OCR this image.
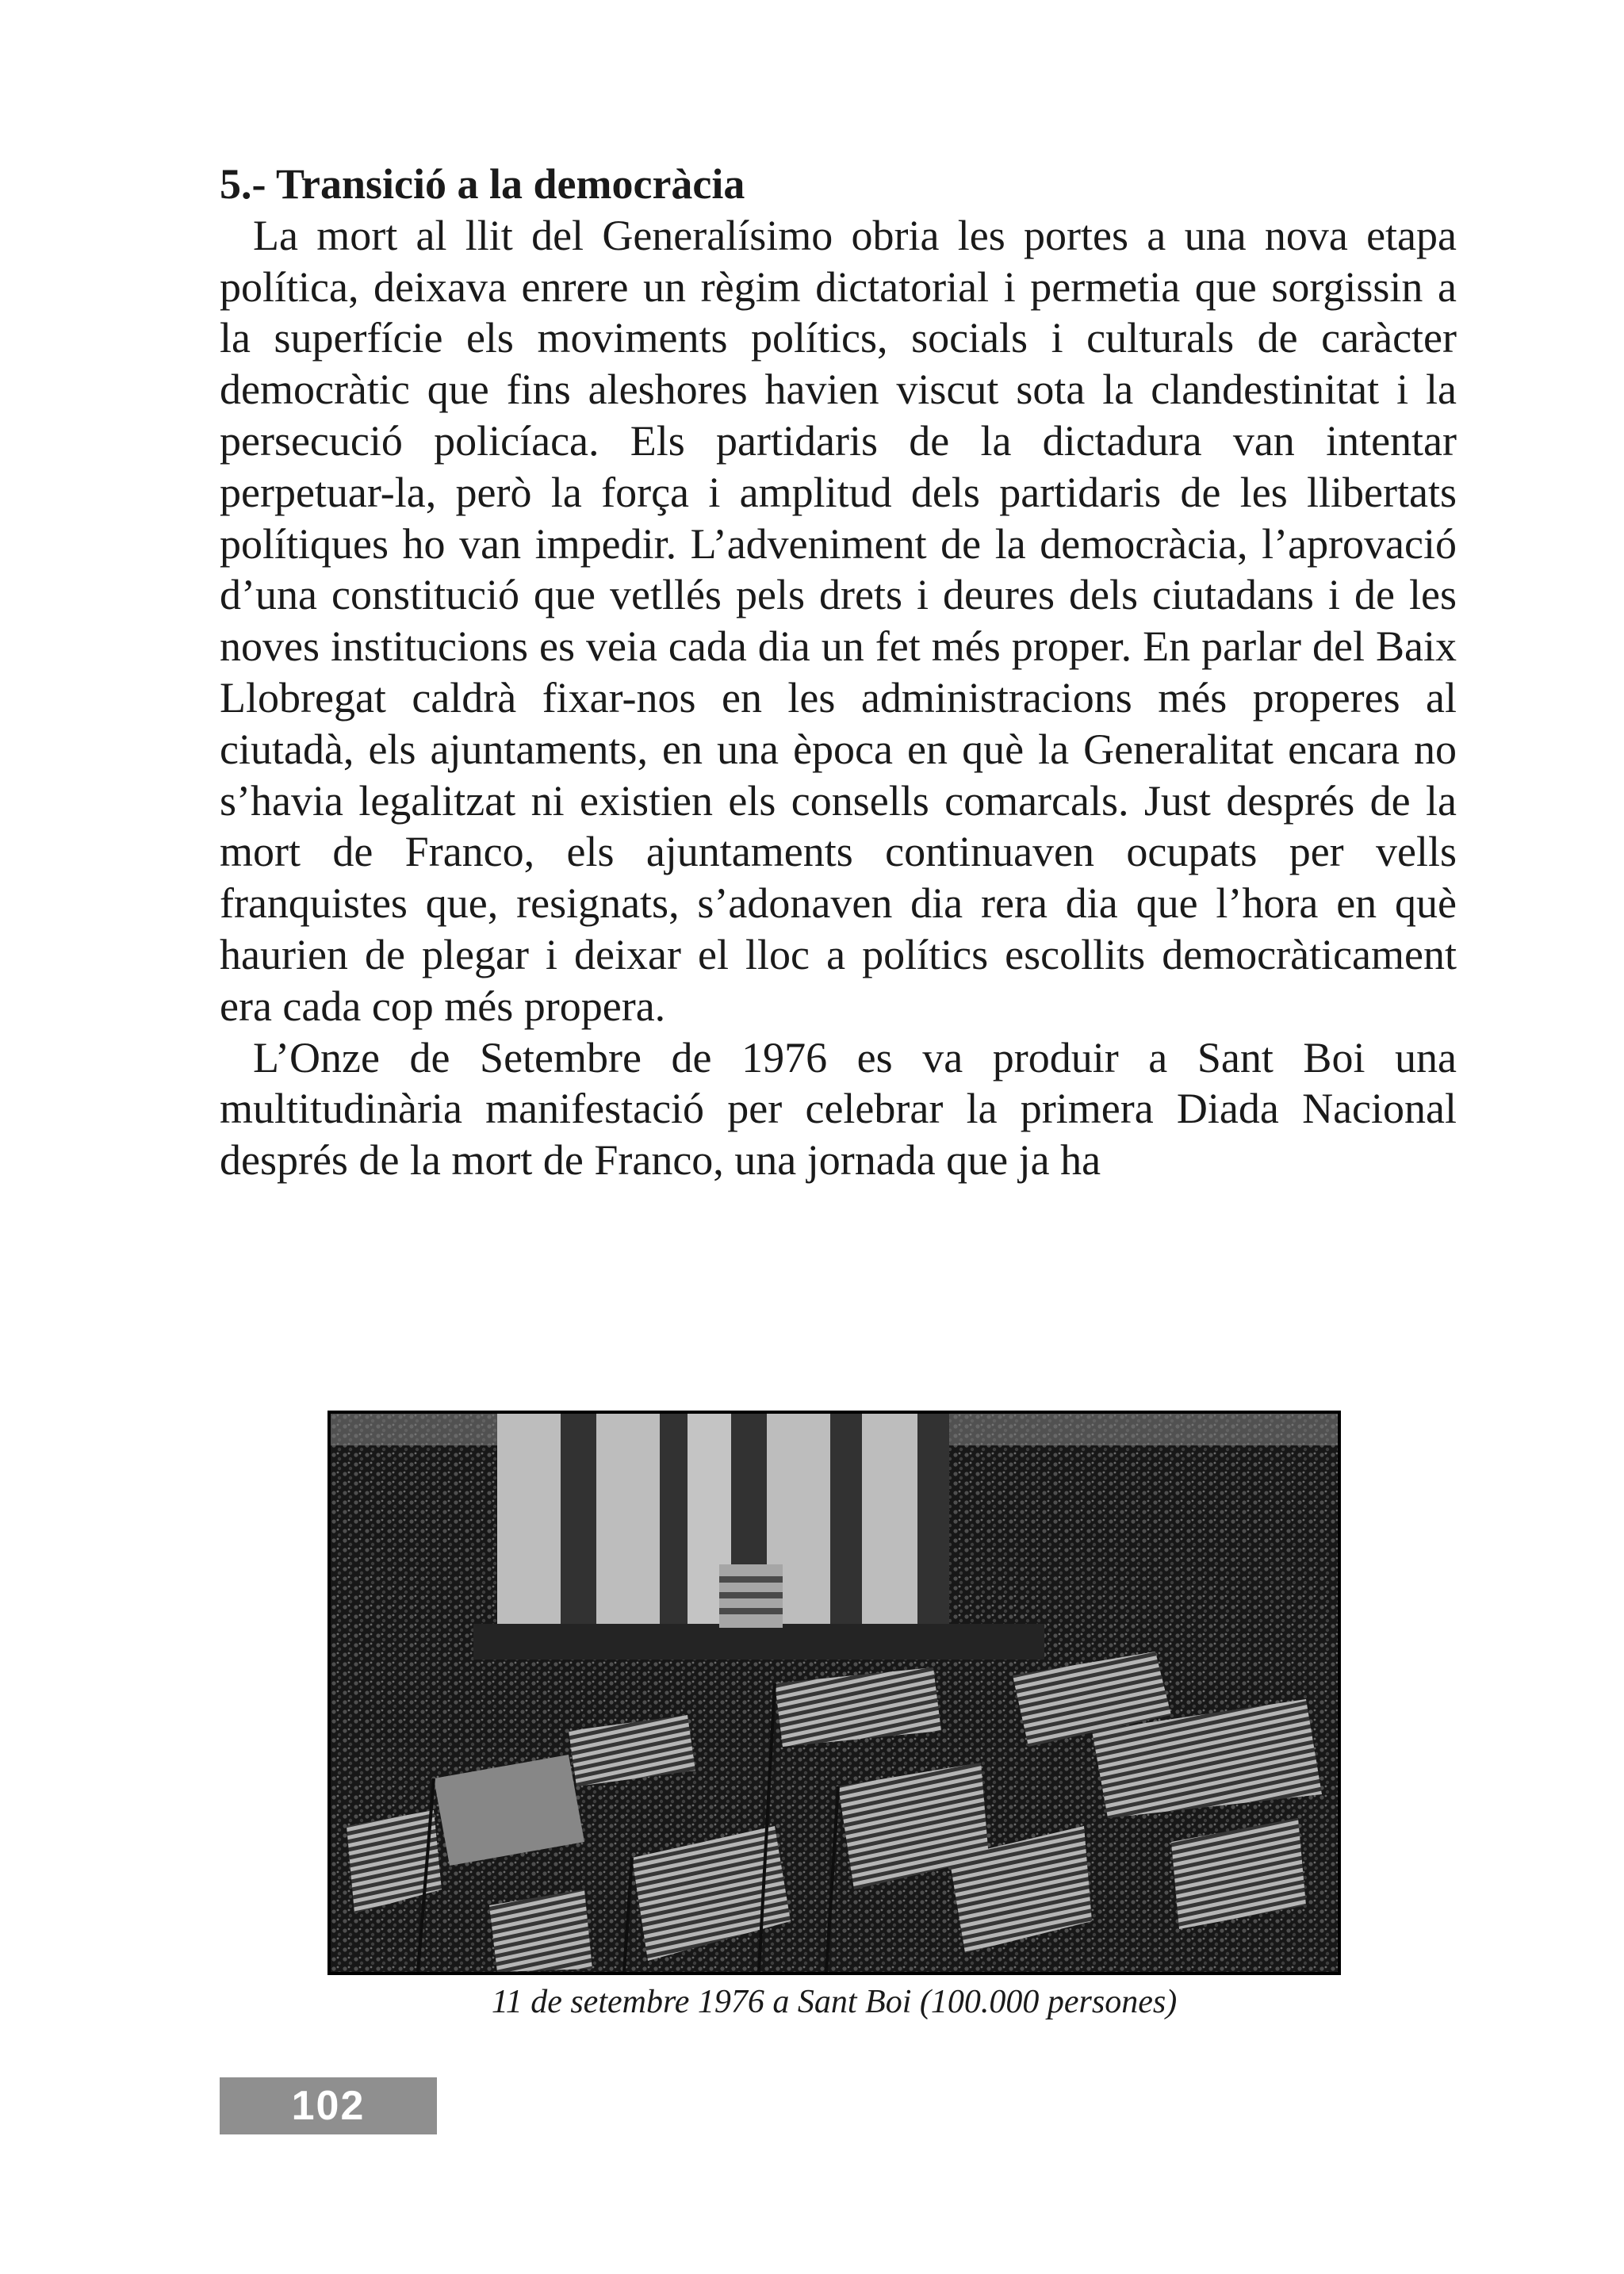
5.- Transició a la democràcia

La mort al llit del Generalísimo obria les portes a una nova etapa política, deixava enrere un règim dictatorial i permetia que sorgissin a la superfície els moviments polítics, socials i culturals de caràcter democràtic que fins aleshores havien viscut sota la clandestinitat i la persecució policíaca. Els partidaris de la dictadura van intentar perpetuar-la, però la força i amplitud dels partidaris de les llibertats polítiques ho van impedir. L’adveniment de la democràcia, l’aprovació d’una constitució que vetllés pels drets i deures dels ciutadans i de les noves institucions es veia cada dia un fet més proper. En parlar del Baix Llobregat caldrà fixar-nos en les administracions més properes al ciutadà, els ajuntaments, en una època en què la Generalitat encara no s’havia legalitzat ni existien els consells comarcals. Just després de la mort de Franco, els ajuntaments continuaven ocupats per vells franquistes que, resignats, s’adonaven dia rera dia que l’hora en què haurien de plegar i deixar el lloc a polítics escollits democràticament era cada cop més propera.

L’Onze de Setembre de 1976 es va produir a Sant Boi una multitudinària manifestació per celebrar la primera Diada Nacional després de la mort de Franco, una jornada que ja ha

11 de setembre 1976 a Sant Boi (100.000 persones)
102
